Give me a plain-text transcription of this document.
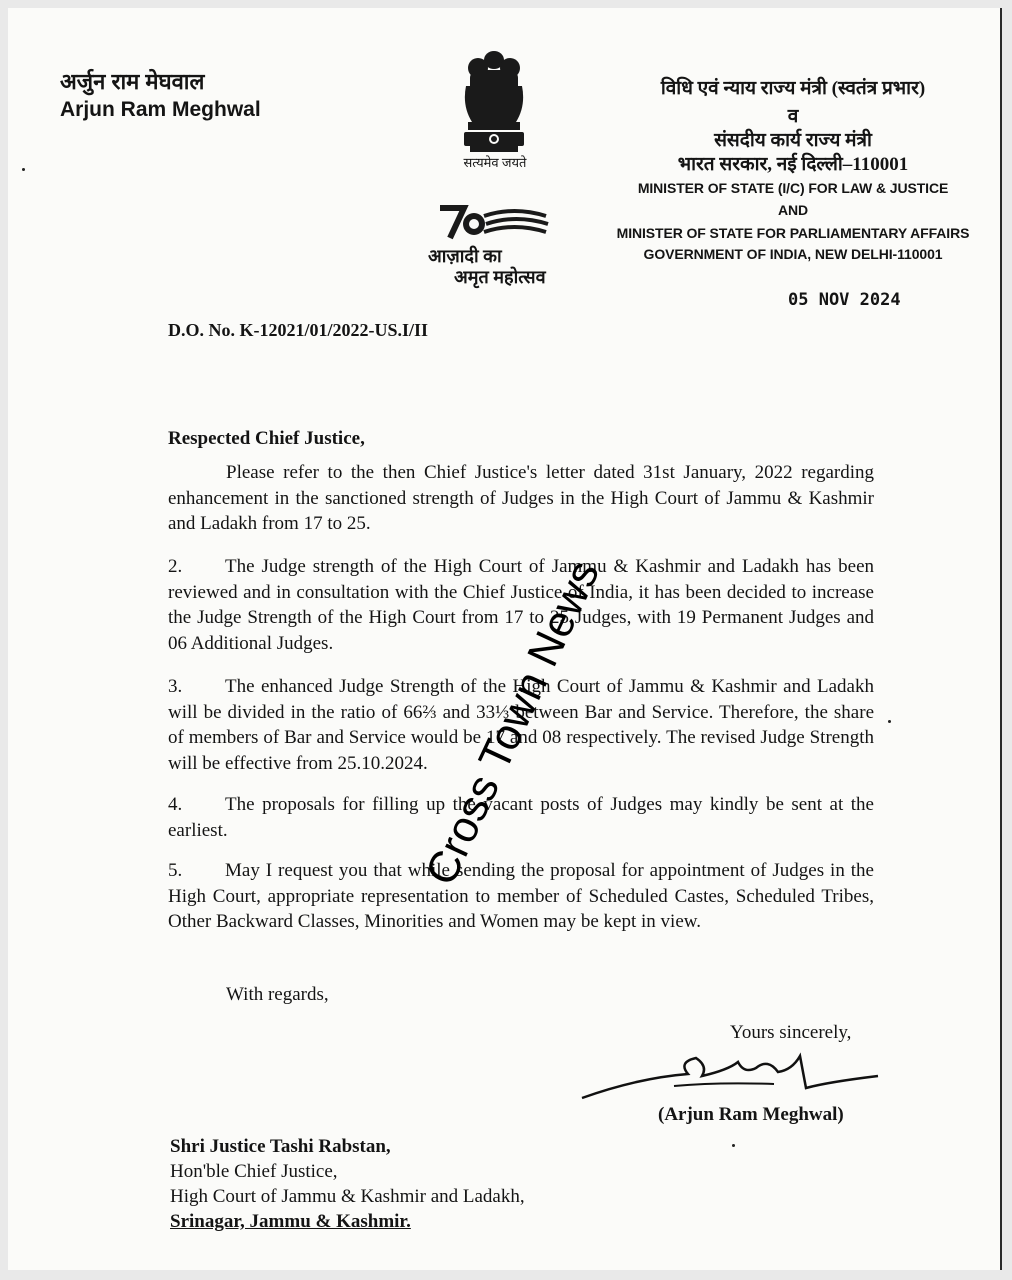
अर्जुन राम मेघवाल
Arjun Ram Meghwal
सत्यमेव जयते
आज़ादी का
अमृत महोत्सव
विधि एवं न्याय राज्य मंत्री (स्वतंत्र प्रभार)
व
संसदीय कार्य राज्य मंत्री
भारत सरकार, नई दिल्ली–110001
MINISTER OF STATE (I/C) FOR LAW & JUSTICE
AND
MINISTER OF STATE FOR PARLIAMENTARY AFFAIRS
GOVERNMENT OF INDIA, NEW DELHI-110001
05 NOV 2024
D.O. No. K-12021/01/2022-US.I/II
Respected Chief Justice,
Please refer to the then Chief Justice's letter dated 31st January, 2022 regarding enhancement in the sanctioned strength of Judges in the High Court of Jammu & Kashmir and Ladakh from 17 to 25.
2. The Judge strength of the High Court of Jammu & Kashmir and Ladakh has been reviewed and in consultation with the Chief Justice of India, it has been decided to increase the Judge Strength of the High Court from 17 to 25 Judges, with 19 Permanent Judges and 06 Additional Judges.
3. The enhanced Judge Strength of the High Court of Jammu & Kashmir and Ladakh will be divided in the ratio of 66⅔ and 33⅓ between Bar and Service. Therefore, the share of members of Bar and Service would be 17 and 08 respectively. The revised Judge Strength will be effective from 25.10.2024.
4. The proposals for filling up the vacant posts of Judges may kindly be sent at the earliest.
5. May I request you that while sending the proposal for appointment of Judges in the High Court, appropriate representation to member of Scheduled Castes, Scheduled Tribes, Other Backward Classes, Minorities and Women may be kept in view.
With regards,
Yours sincerely,
(Arjun Ram Meghwal)
Shri Justice Tashi Rabstan,
Hon'ble Chief Justice,
High Court of Jammu & Kashmir and Ladakh,
Srinagar, Jammu & Kashmir.
Cross Town News
